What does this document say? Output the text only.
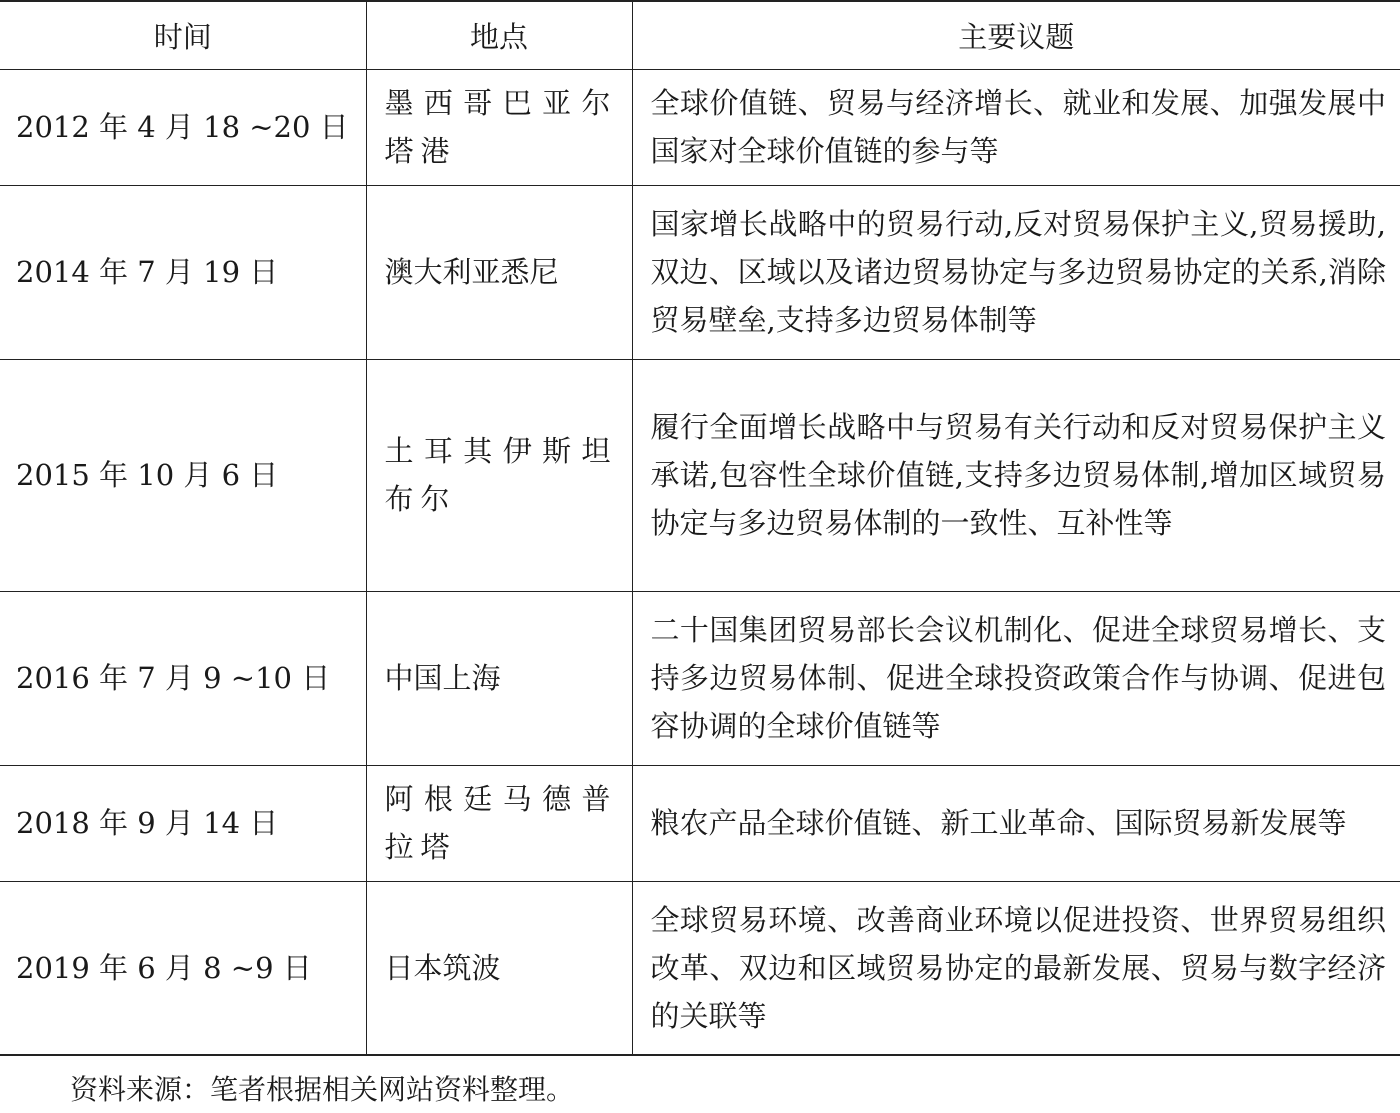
时间	地点	主要议题
2012 年 4 月 18 ~20 日	墨西哥巴亚尔塔港	全球价值链、贸易与经济增长、就业和发展、加强发展中国家对全球价值链的参与等
2014 年 7 月 19 日	澳大利亚悉尼	国家增长战略中的贸易行动,反对贸易保护主义,贸易援助,双边、区域以及诸边贸易协定与多边贸易协定的关系,消除贸易壁垒,支持多边贸易体制等
2015 年 10 月 6 日	土耳其伊斯坦布尔	履行全面增长战略中与贸易有关行动和反对贸易保护主义承诺,包容性全球价值链,支持多边贸易体制,增加区域贸易协定与多边贸易体制的一致性、互补性等
2016 年 7 月 9 ~10 日	中国上海	二十国集团贸易部长会议机制化、促进全球贸易增长、支持多边贸易体制、促进全球投资政策合作与协调、促进包容协调的全球价值链等
2018 年 9 月 14 日	阿根廷马德普拉塔	粮农产品全球价值链、新工业革命、国际贸易新发展等
2019 年 6 月 8 ~9 日	日本筑波	全球贸易环境、改善商业环境以促进投资、世界贸易组织改革、双边和区域贸易协定的最新发展、贸易与数字经济的关联等
资料来源：笔者根据相关网站资料整理。
